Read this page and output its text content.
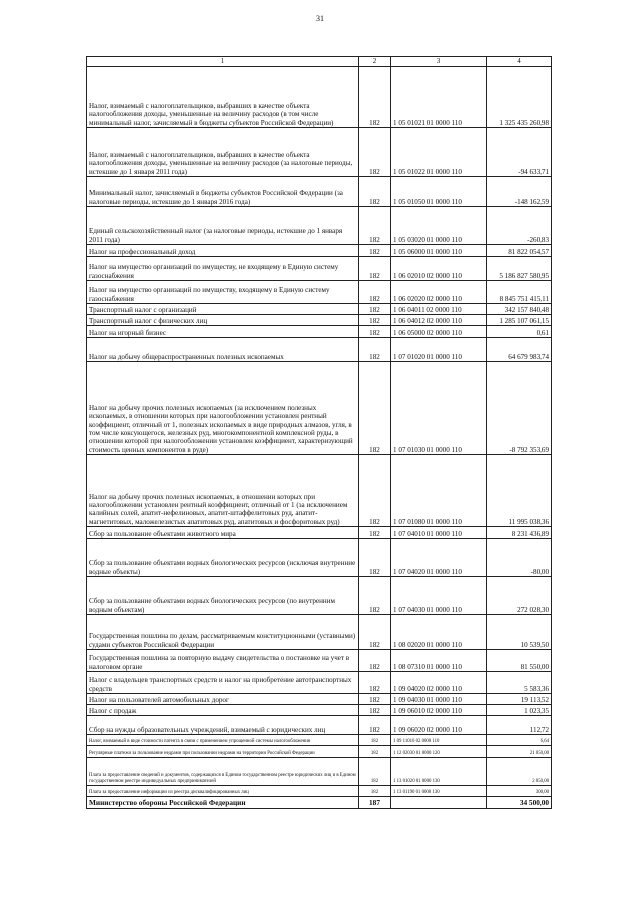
31
1	2	3	4
Налог, взимаемый с налогоплательщиков, выбравших в качестве объекта налогообложения доходы, уменьшенные на величину расходов (в том числе минимальный налог, зачисляемый в бюджеты субъектов Российской Федерации)	182	1 05 01021 01 0000 110	1 325 435 260,98
Налог, взимаемый с налогоплательщиков, выбравших в качестве объекта налогообложения доходы, уменьшенные на величину расходов (за налоговые периоды, истекшие до 1 января 2011 года)	182	1 05 01022 01 0000 110	-94 633,71
Минимальный налог, зачисляемый в бюджеты субъектов Российской Федерации (за налоговые периоды, истекшие до 1 января 2016 года)	182	1 05 01050 01 0000 110	-148 162,59
Единый сельскохозяйственный налог (за налоговые периоды, истекшие до 1 января 2011 года)	182	1 05 03020 01 0000 110	-260,83
Налог на профессиональный доход	182	1 05 06000 01 0000 110	81 822 054,57
Налог на имущество организаций по имуществу, не входящему в Единую систему газоснабжения	182	1 06 02010 02 0000 110	5 186 827 580,95
Налог на имущество организаций по имуществу, входящему в Единую систему газоснабжения	182	1 06 02020 02 0000 110	8 845 751 415,11
Транспортный налог с организаций	182	1 06 04011 02 0000 110	342 157 840,48
Транспортный налог с физических лиц	182	1 06 04012 02 0000 110	1 285 107 061,15
Налог на игорный бизнес	182	1 06 05000 02 0000 110	0,61
Налог на добычу общераспространенных полезных ископаемых	182	1 07 01020 01 0000 110	64 679 983,74
Налог на добычу прочих полезных ископаемых (за исключением полезных ископаемых, в отношении которых при налогообложении установлен рентный коэффициент, отличный от 1, полезных ископаемых в виде природных алмазов, угля, в том числе коксующегося, железных руд, многокомпонентной комплексной руды, в отношении которой при налогообложении установлен коэффициент, характеризующий стоимость ценных компонентов в руде)	182	1 07 01030 01 0000 110	-8 792 353,69
Налог на добычу прочих полезных ископаемых, в отношении которых при налогообложении установлен рентный коэффициент, отличный от 1 (за исключением калийных солей, апатит-нефелиновых, апатит-штаффелитовых руд, апатит-магнетитовых, маложелезистых апатитовых руд, апатитовых и фосфоритовых руд)	182	1 07 01080 01 0000 110	11 995 038,36
Сбор за пользование объектами животного мира	182	1 07 04010 01 0000 110	8 231 436,89
Сбор за пользование объектами водных биологических ресурсов (исключая внутренние водные объекты)	182	1 07 04020 01 0000 110	-80,00
Сбор за пользование объектами водных биологических ресурсов (по внутренним водным объектам)	182	1 07 04030 01 0000 110	272 028,30
Государственная пошлина по делам, рассматриваемым конституционными (уставными) судами субъектов Российской Федерации	182	1 08 02020 01 0000 110	10 539,50
Государственная пошлина за повторную выдачу свидетельства о постановке на учет в налоговом органе	182	1 08 07310 01 0000 110	81 550,00
Налог с владельцев транспортных средств и налог на приобретение автотранспортных средств	182	1 09 04020 02 0000 110	5 583,36
Налог на пользователей автомобильных дорог	182	1 09 04030 01 0000 110	19 113,52
Налог с продаж	182	1 09 06010 02 0000 110	1 023,35
Сбор на нужды образовательных учреждений, взимаемый с юридических лиц	182	1 09 06020 02 0000 110	112,72
Налог, взимаемый в виде стоимости патента в связи с применением упрощенной системы налогообложения	182	1 09 11010 02 0000 110	6,64
Регулярные платежи за пользование недрами при пользовании недрами на территории Российской Федерации	182	1 12 02030 01 0000 120	21 050,00
Плата за предоставление сведений и документов, содержащихся в Едином государственном реестре юридических лиц и в Едином государственном реестре индивидуальных предпринимателей	182	1 13 01020 01 0000 130	2 050,00
Плата за предоставление информации из реестра дисквалифицированных лиц	182	1 13 01190 01 0000 130	300,00
Министерство обороны Российской Федерации	187		34 500,00
